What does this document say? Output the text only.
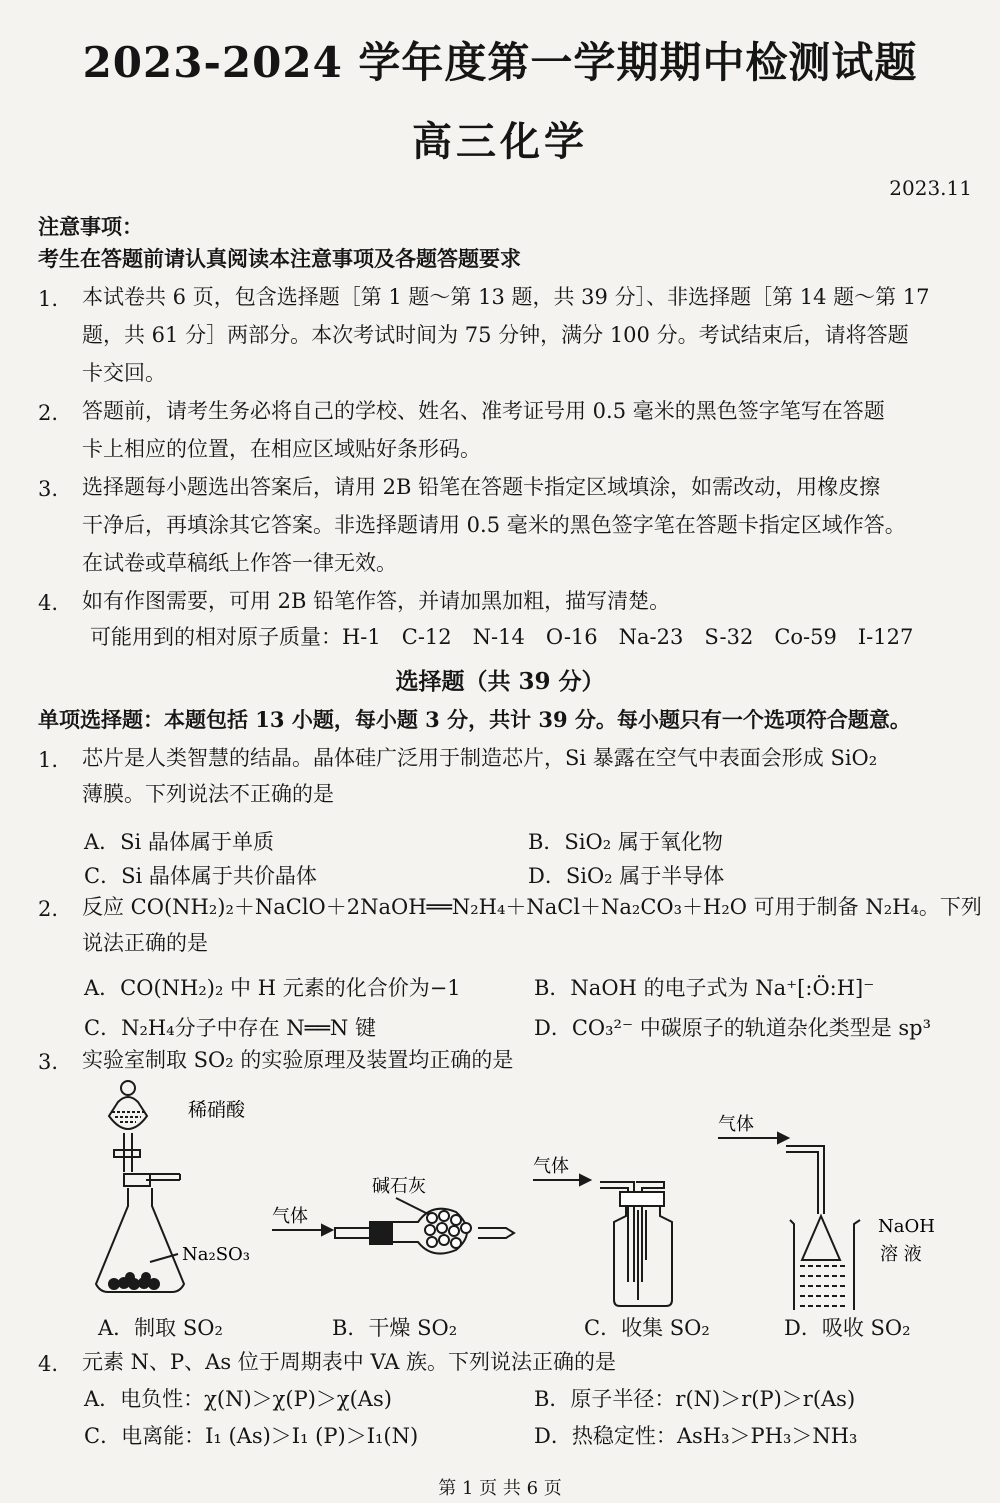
2023-2024 学年度第一学期期中检测试题
高三化学
2023.11
注意事项：
考生在答题前请认真阅读本注意事项及各题答题要求
1. 本试卷共 6 页，包含选择题［第 1 题～第 13 题，共 39 分］、非选择题［第 14 题～第 17
题，共 61 分］两部分。本次考试时间为 75 分钟，满分 100 分。考试结束后，请将答题
卡交回。
2. 答题前，请考生务必将自己的学校、姓名、准考证号用 0.5 毫米的黑色签字笔写在答题
卡上相应的位置，在相应区域贴好条形码。
3. 选择题每小题选出答案后，请用 2B 铅笔在答题卡指定区域填涂，如需改动，用橡皮擦
干净后，再填涂其它答案。非选择题请用 0.5 毫米的黑色签字笔在答题卡指定区域作答。
在试卷或草稿纸上作答一律无效。
4. 如有作图需要，可用 2B 铅笔作答，并请加黑加粗，描写清楚。
可能用到的相对原子质量：H-1　C-12　N-14　O-16　Na-23　S-32　Co-59　I-127
选择题（共 39 分）
单项选择题：本题包括 13 小题，每小题 3 分，共计 39 分。每小题只有一个选项符合题意。
1. 芯片是人类智慧的结晶。晶体硅广泛用于制造芯片，Si 暴露在空气中表面会形成 SiO₂
薄膜。下列说法不正确的是
A．Si 晶体属于单质	B．SiO₂ 属于氧化物
C．Si 晶体属于共价晶体	D．SiO₂ 属于半导体
2. 反应 CO(NH₂)₂＋NaClO＋2NaOH══N₂H₄＋NaCl＋Na₂CO₃＋H₂O 可用于制备 N₂H₄。下列
说法正确的是
A．CO(NH₂)₂ 中 H 元素的化合价为−1	B．NaOH 的电子式为 Na⁺[:Ö:H]⁻
C．N₂H₄分子中存在 N══N 键	D．CO₃²⁻ 中碳原子的轨道杂化类型是 sp³
3. 实验室制取 SO₂ 的实验原理及装置均正确的是
稀硝酸
Na₂SO₃
气体
碱石灰
气体
气体
NaOH
溶 液
A．制取 SO₂	B．干燥 SO₂	C．收集 SO₂	D．吸收 SO₂
4. 元素 N、P、As 位于周期表中 VA 族。下列说法正确的是
A．电负性：χ(N)＞χ(P)＞χ(As)	B．原子半径：r(N)＞r(P)＞r(As)
C．电离能：I₁ (As)＞I₁ (P)＞I₁(N)	D．热稳定性：AsH₃＞PH₃＞NH₃
第 1 页 共 6 页
